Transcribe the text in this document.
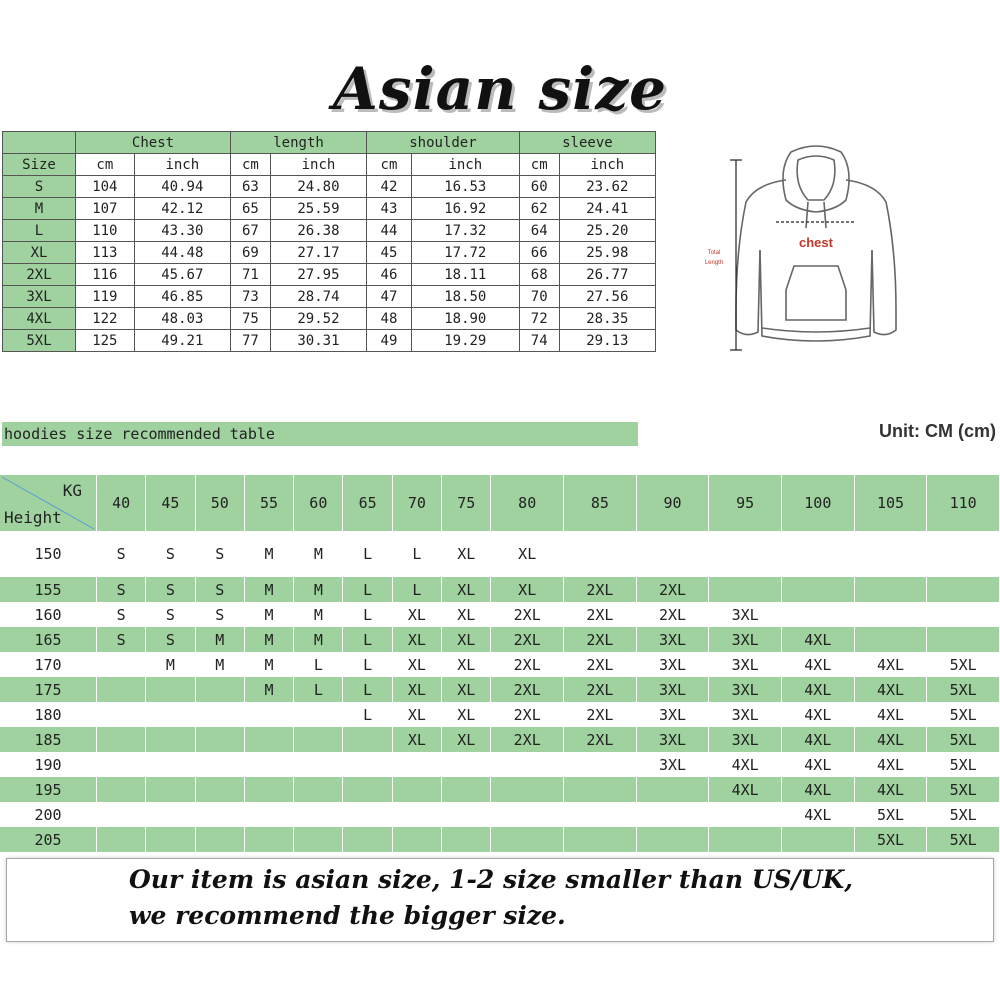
Asian size
	Chest		length		shoulder		sleeve	
Size	cm	inch	cm	inch	cm	inch	cm	inch
S	104	40.94	63	24.80	42	16.53	60	23.62
M	107	42.12	65	25.59	43	16.92	62	24.41
L	110	43.30	67	26.38	44	17.32	64	25.20
XL	113	44.48	69	27.17	45	17.72	66	25.98
2XL	116	45.67	71	27.95	46	18.11	68	26.77
3XL	119	46.85	73	28.74	47	18.50	70	27.56
4XL	122	48.03	75	29.52	48	18.90	72	28.35
5XL	125	49.21	77	30.31	49	19.29	74	29.13
chest
Total
Length
hoodies size recommended table	Unit: CM (cm)
KG
Height	40	45	50	55	60	65	70	75	80	85	90	95	100	105	110
150	S	S	S	M	M	L	L	XL	XL						
155	S	S	S	M	M	L	L	XL	XL	2XL	2XL				
160	S	S	S	M	M	L	XL	XL	2XL	2XL	2XL	3XL			
165	S	S	M	M	M	L	XL	XL	2XL	2XL	3XL	3XL	4XL		
170		M	M	M	L	L	XL	XL	2XL	2XL	3XL	3XL	4XL	4XL	5XL
175				M	L	L	XL	XL	2XL	2XL	3XL	3XL	4XL	4XL	5XL
180						L	XL	XL	2XL	2XL	3XL	3XL	4XL	4XL	5XL
185							XL	XL	2XL	2XL	3XL	3XL	4XL	4XL	5XL
190											3XL	4XL	4XL	4XL	5XL
195												4XL	4XL	4XL	5XL
200													4XL	5XL	5XL
205														5XL	5XL
Our item is asian size, 1-2 size smaller than US/UK,
we recommend the bigger size.
